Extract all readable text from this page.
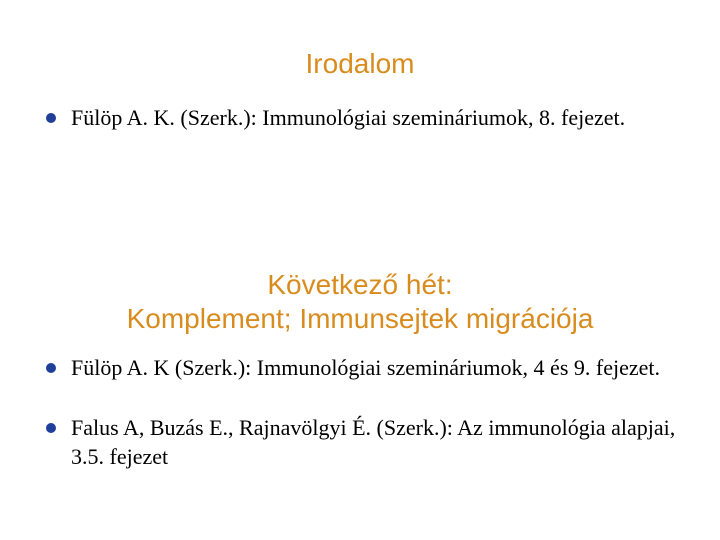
Irodalom
Fülöp A. K. (Szerk.): Immunológiai szemináriumok, 8. fejezet.
Következő hét:
Komplement; Immunsejtek migrációja
Fülöp A. K (Szerk.): Immunológiai szemináriumok, 4 és 9. fejezet.
Falus A, Buzás E., Rajnavölgyi É. (Szerk.): Az immunológia alapjai, 3.5. fejezet
